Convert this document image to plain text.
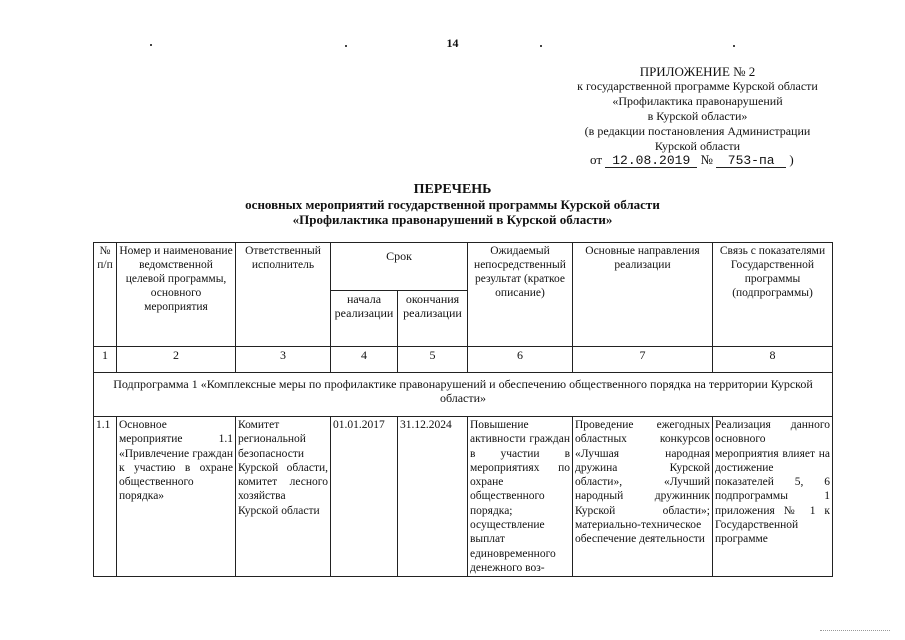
14
ПРИЛОЖЕНИЕ № 2
к государственной программе Курской области
«Профилактика правонарушений
в Курской области»
(в редакции постановления Администрации
Курской области
от 12.08.2019 № 753-па )
ПЕРЕЧЕНЬ
основных мероприятий государственной программы Курской области
«Профилактика правонарушений в Курской области»
№ п/п	Номер и наименование ведомственной целевой программы, основного мероприятия	Ответственный исполнитель	Срок		Ожидаемый непосредственный результат (краткое описание)	Основные направления реализации	Связь с показателями Государственной программы (подпрограммы)
			начала реализации	окончания реализации			
1	2	3	4	5	6	7	8
Подпрограмма 1 «Комплексные меры по профилактике правонарушений и обеспечению общественного порядка на территории Курской области»							
1.1	Основное мероприятие 1.1 «Привлечение граждан к участию в охране общественного порядка»	Комитет региональной безопасности Курской области, комитет лесного хозяйства Курской области	01.01.2017	31.12.2024	Повышение активности граждан в участии в мероприятиях по охране общественного порядка; осуществление выплат единовременного денежного воз-	Проведение ежегодных областных конкурсов «Лучшая народная дружина Курской области», «Лучший народный дружинник Курской области»; материально-техническое обеспечение деятельности	Реализация данного основного мероприятия влияет на достижение показателей 5, 6 подпрограммы 1 приложения № 1 к Государственной программе
